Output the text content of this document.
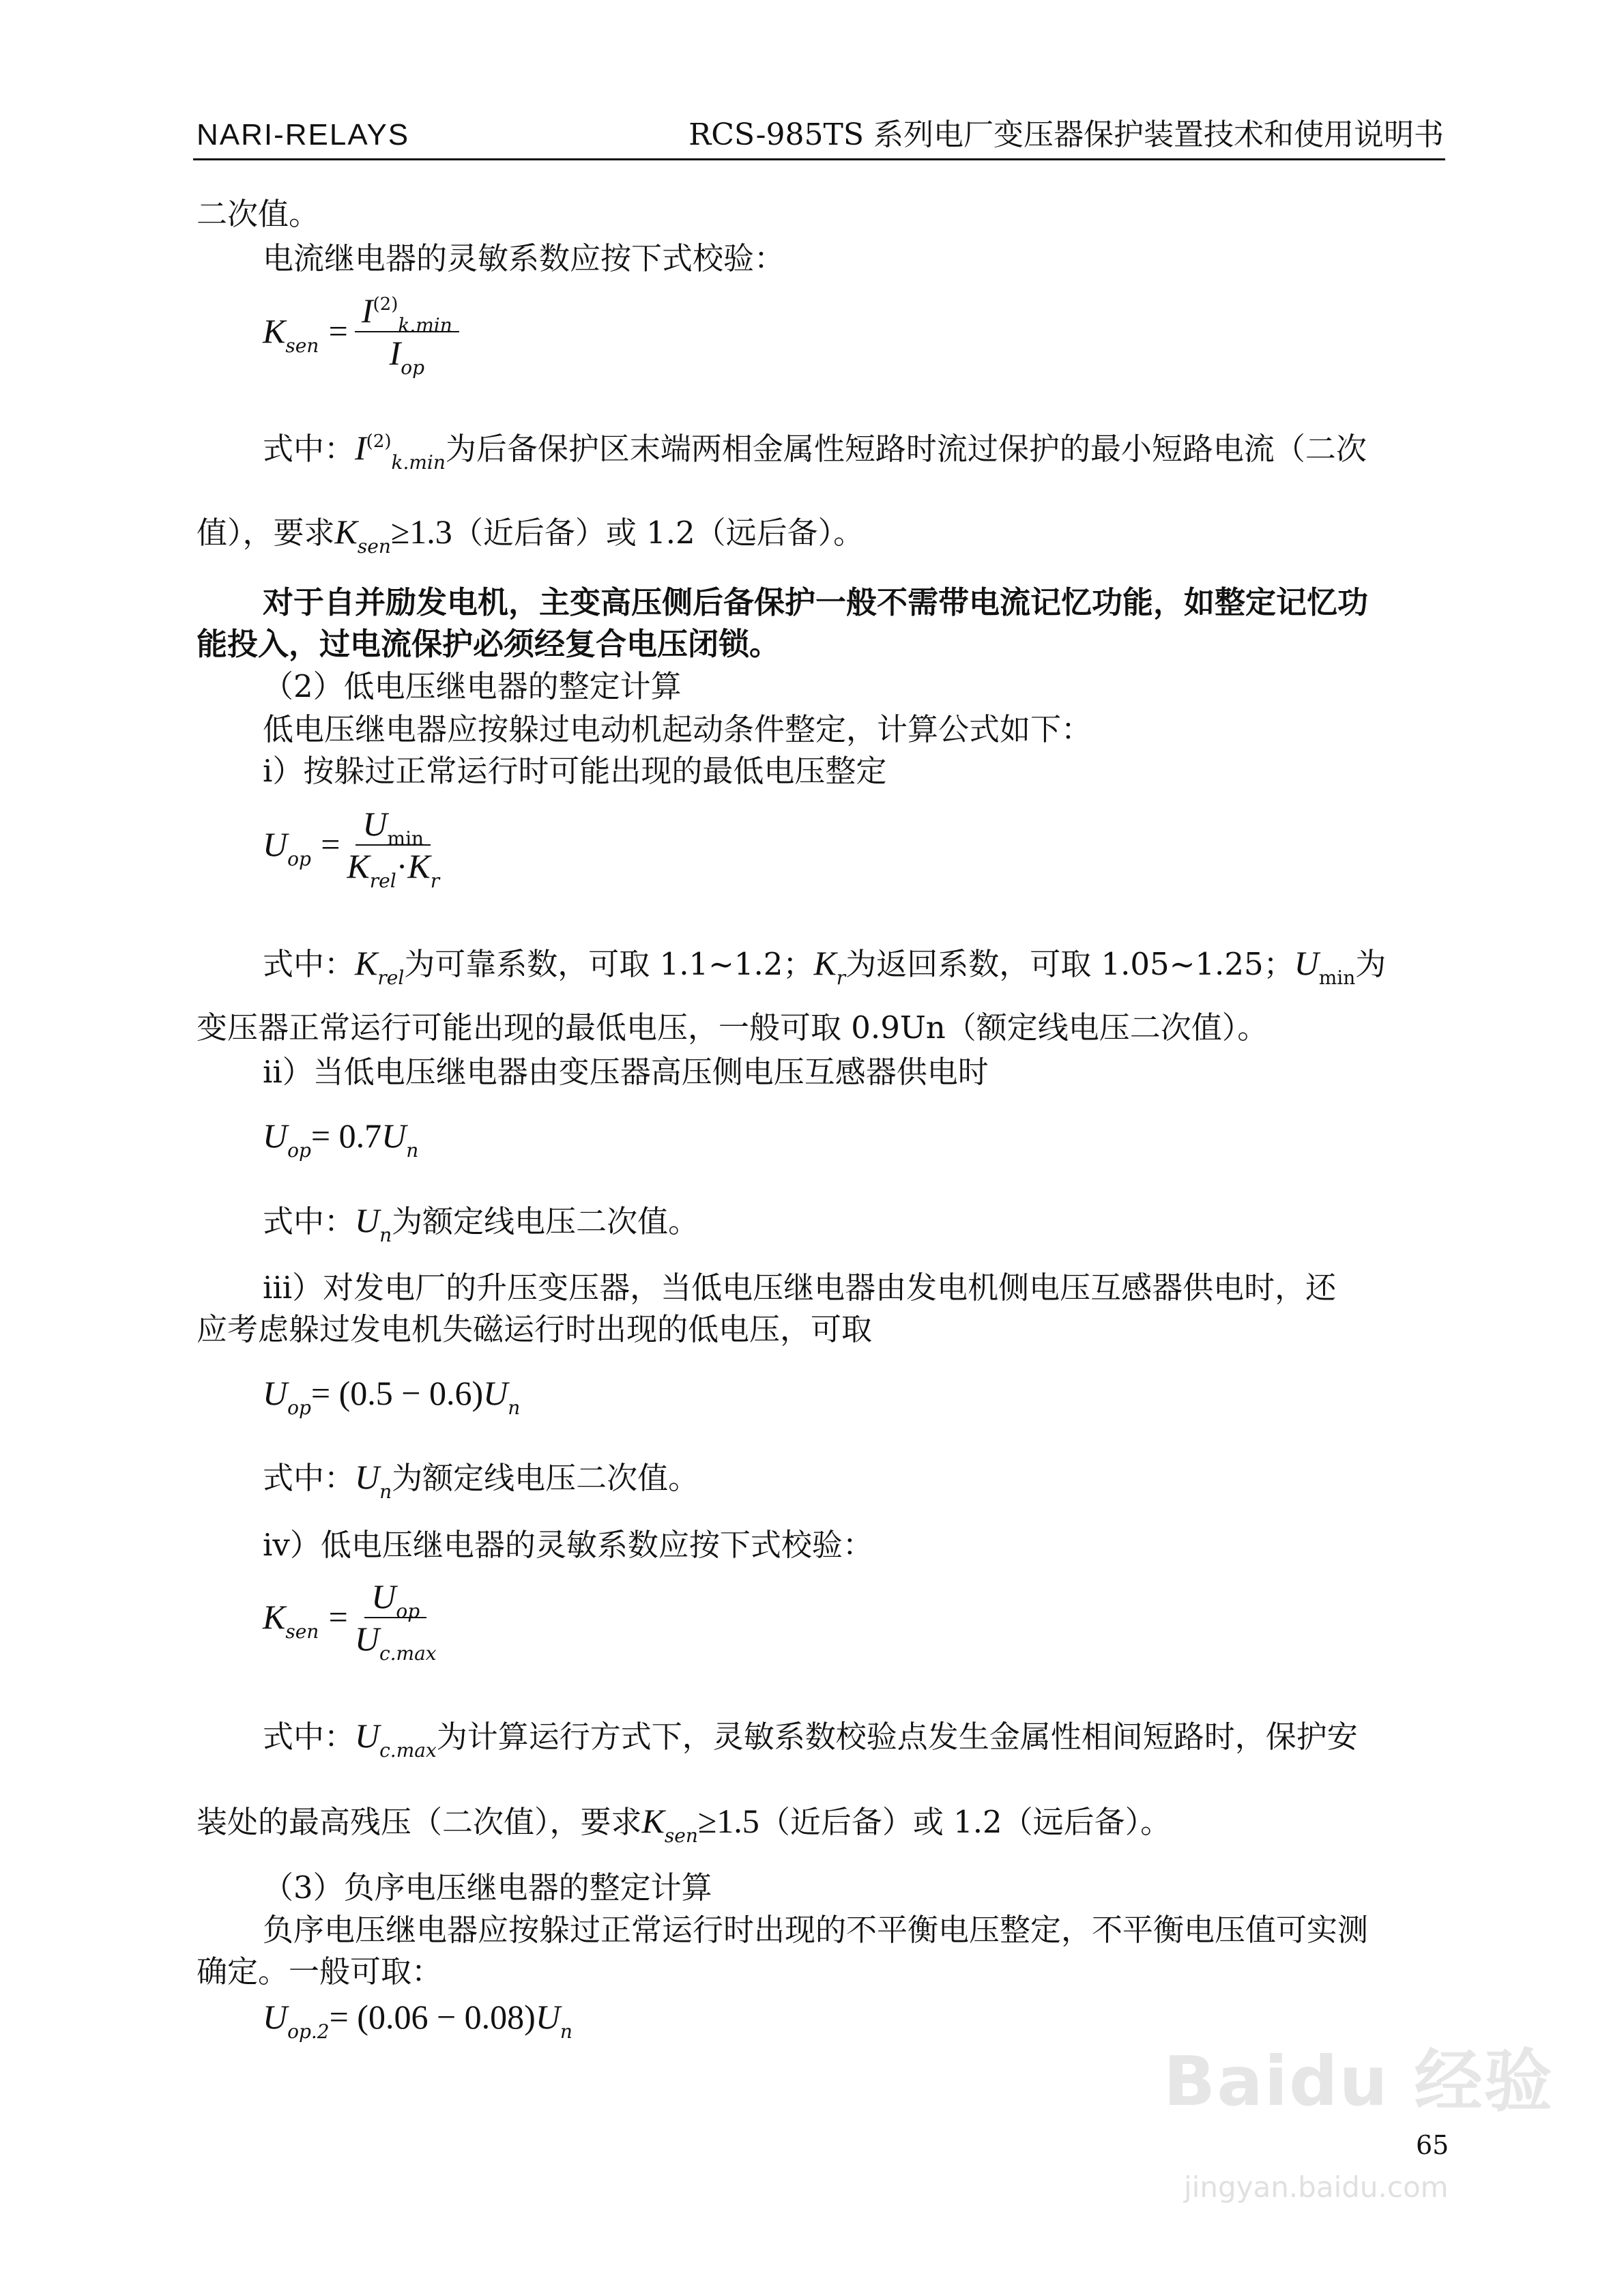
NARI-RELAYS	RCS-985TS 系列电厂变压器保护装置技术和使用说明书
二次值。
电流继电器的灵敏系数应按下式校验：
$K_{sen} = \frac{I^{(2)}_{k.min}}{I_{op}}$
式中：$I^{(2)}_{k.min}$为后备保护区末端两相金属性短路时流过保护的最小短路电流（二次
值），要求$K_{sen}\ge 1.3$（近后备）或 1.2（远后备）。
对于自并励发电机，主变高压侧后备保护一般不需带电流记忆功能，如整定记忆功
能投入，过电流保护必须经复合电压闭锁。
（2）低电压继电器的整定计算
低电压继电器应按躲过电动机起动条件整定，计算公式如下：
i）按躲过正常运行时可能出现的最低电压整定
$U_{op} = \frac{U_{min}}{K_{rel}\cdot K_r}$
式中：$K_{rel}$为可靠系数，可取 1.1~1.2；$K_r$为返回系数，可取 1.05~1.25；$U_{min}$为
变压器正常运行可能出现的最低电压，一般可取 0.9Un（额定线电压二次值）。
ii）当低电压继电器由变压器高压侧电压互感器供电时
$U_{op}= 0.7U_n$
式中：$U_n$为额定线电压二次值。
iii）对发电厂的升压变压器，当低电压继电器由发电机侧电压互感器供电时，还
应考虑躲过发电机失磁运行时出现的低电压，可取
$U_{op}= (0.5 - 0.6)U_n$
式中：$U_n$为额定线电压二次值。
iv）低电压继电器的灵敏系数应按下式校验：
$K_{sen} = \frac{U_{op}}{U_{c.max}}$
式中：$U_{c.max}$为计算运行方式下，灵敏系数校验点发生金属性相间短路时，保护安
装处的最高残压（二次值），要求$K_{sen}\ge 1.5$（近后备）或 1.2（远后备）。
（3）负序电压继电器的整定计算
负序电压继电器应按躲过正常运行时出现的不平衡电压整定，不平衡电压值可实测
确定。一般可取：
$U_{op.2}= (0.06 - 0.08)U_n$
Baidu 经验
65
jingyan.baidu.com
